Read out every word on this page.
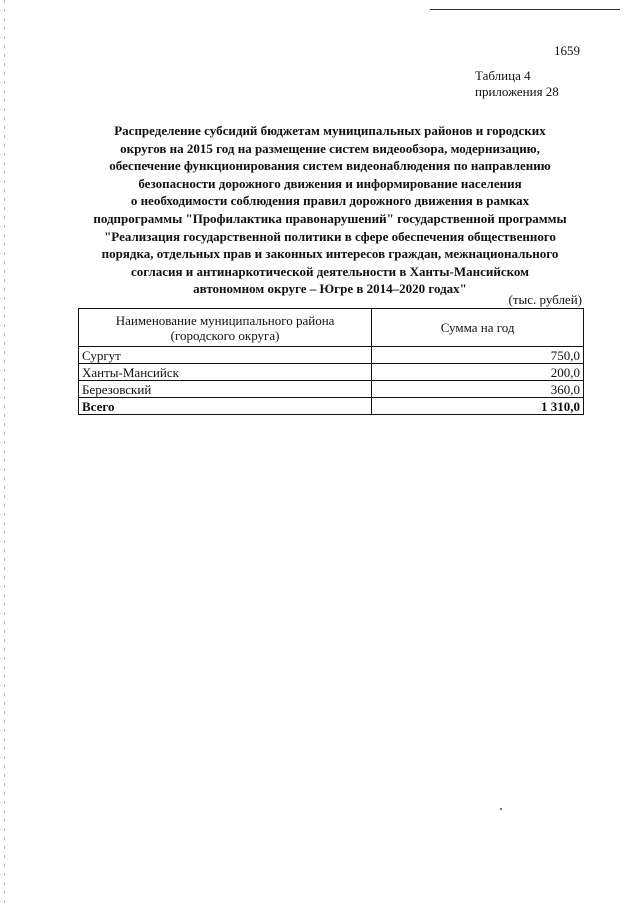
1659
Таблица 4
приложения 28
Распределение субсидий бюджетам муниципальных районов и городских
округов на 2015 год на размещение систем видеообзора, модернизацию,
обеспечение функционирования систем видеонаблюдения по направлению
безопасности дорожного движения и информирование населения
о необходимости соблюдения правил дорожного движения в рамках
подпрограммы "Профилактика правонарушений" государственной программы
"Реализация государственной политики в сфере обеспечения общественного
порядка, отдельных прав и законных интересов граждан, межнационального
согласия и антинаркотической деятельности в Ханты-Мансийском
автономном округе – Югре в 2014–2020 годах"
(тыс. рублей)
Наименование муниципального района
(городского округа)	Сумма на год
Сургут	750,0
Ханты-Мансийск	200,0
Березовский	360,0
Всего	1 310,0
